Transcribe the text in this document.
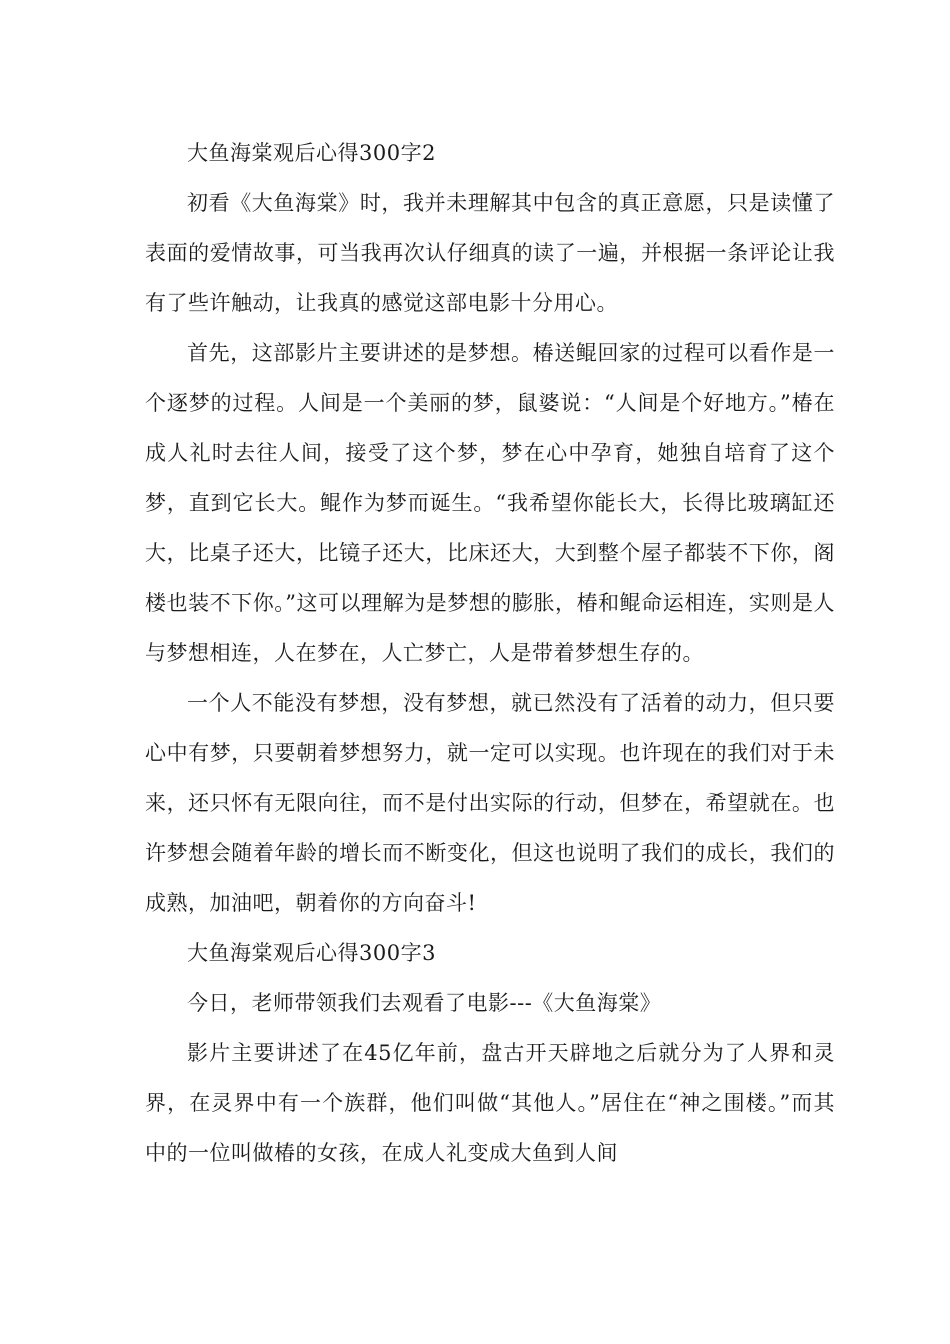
大鱼海棠观后心得300字2

初看《大鱼海棠》时，我并未理解其中包含的真正意愿，只是读懂了表面的爱情故事，可当我再次认仔细真的读了一遍，并根据一条评论让我有了些许触动，让我真的感觉这部电影十分用心。

首先，这部影片主要讲述的是梦想。椿送鲲回家的过程可以看作是一个逐梦的过程。人间是一个美丽的梦，鼠婆说：“人间是个好地方。”椿在成人礼时去往人间，接受了这个梦，梦在心中孕育，她独自培育了这个梦，直到它长大。鲲作为梦而诞生。“我希望你能长大，长得比玻璃缸还大，比桌子还大，比镜子还大，比床还大，大到整个屋子都装不下你，阁楼也装不下你。”这可以理解为是梦想的膨胀，椿和鲲命运相连，实则是人与梦想相连，人在梦在，人亡梦亡，人是带着梦想生存的。

一个人不能没有梦想，没有梦想，就已然没有了活着的动力，但只要心中有梦，只要朝着梦想努力，就一定可以实现。也许现在的我们对于未来，还只怀有无限向往，而不是付出实际的行动，但梦在，希望就在。也许梦想会随着年龄的增长而不断变化，但这也说明了我们的成长，我们的成熟，加油吧，朝着你的方向奋斗!

大鱼海棠观后心得300字3

今日，老师带领我们去观看了电影---《大鱼海棠》

影片主要讲述了在45亿年前，盘古开天辟地之后就分为了人界和灵界，在灵界中有一个族群，他们叫做“其他人。”居住在“神之围楼。”而其中的一位叫做椿的女孩，在成人礼变成大鱼到人间
